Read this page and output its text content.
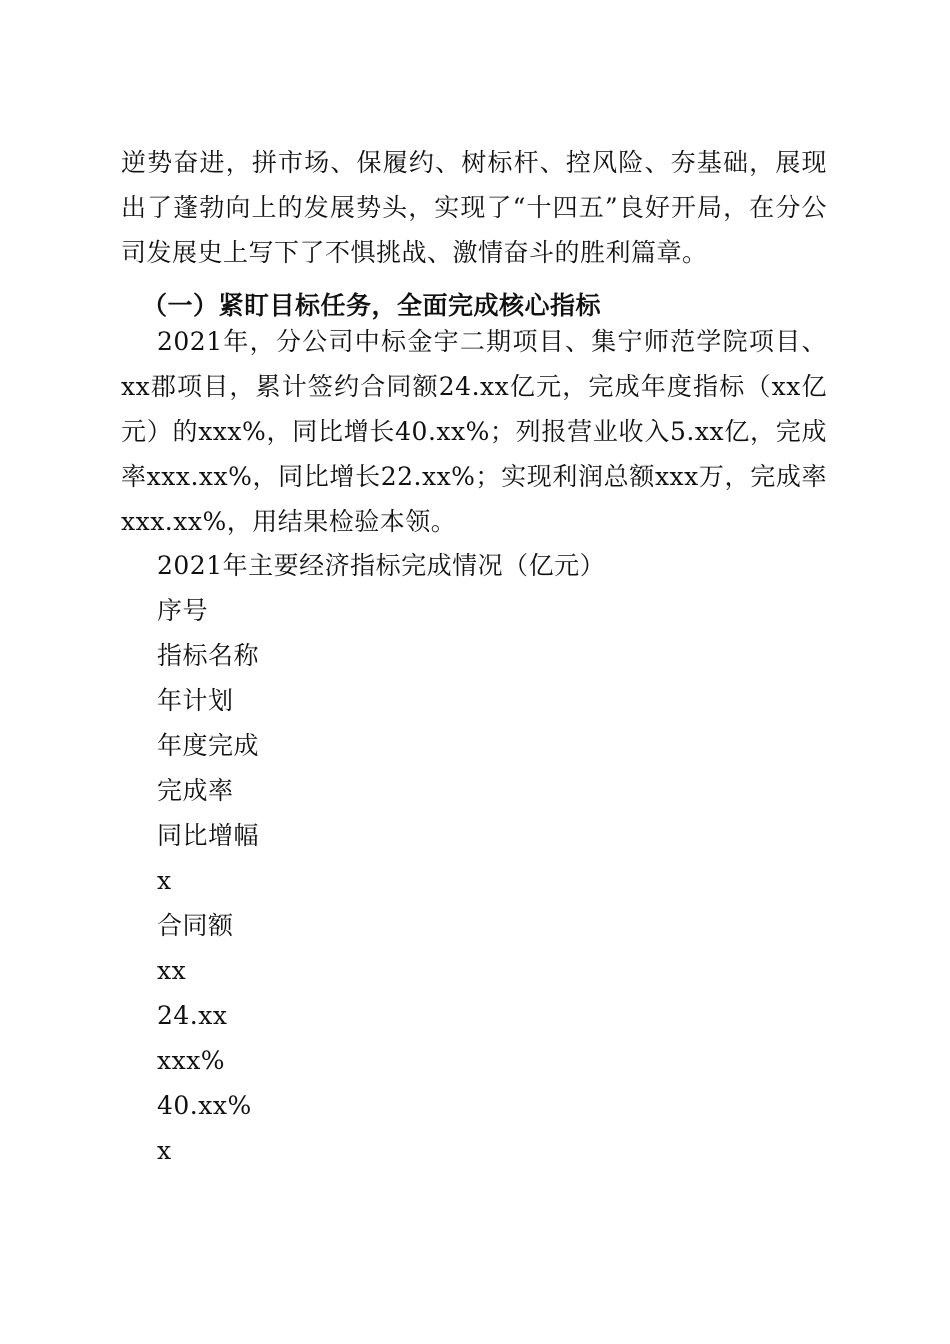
逆势奋进，拼市场、保履约、树标杆、控风险、夯基础，展现出了蓬勃向上的发展势头，实现了“十四五”良好开局，在分公司发展史上写下了不惧挑战、激情奋斗的胜利篇章。

（一）紧盯目标任务，全面完成核心指标

2021年，分公司中标金宇二期项目、集宁师范学院项目、xx郡项目，累计签约合同额24.xx亿元，完成年度指标（xx亿元）的xxx%，同比增长40.xx%；列报营业收入5.xx亿，完成率xxx.xx%，同比增长22.xx%；实现利润总额xxx万，完成率xxx.xx%，用结果检验本领。

2021年主要经济指标完成情况（亿元）

序号
指标名称
年计划
年度完成
完成率
同比增幅
x
合同额
xx
24.xx
xxx%
40.xx%
x
